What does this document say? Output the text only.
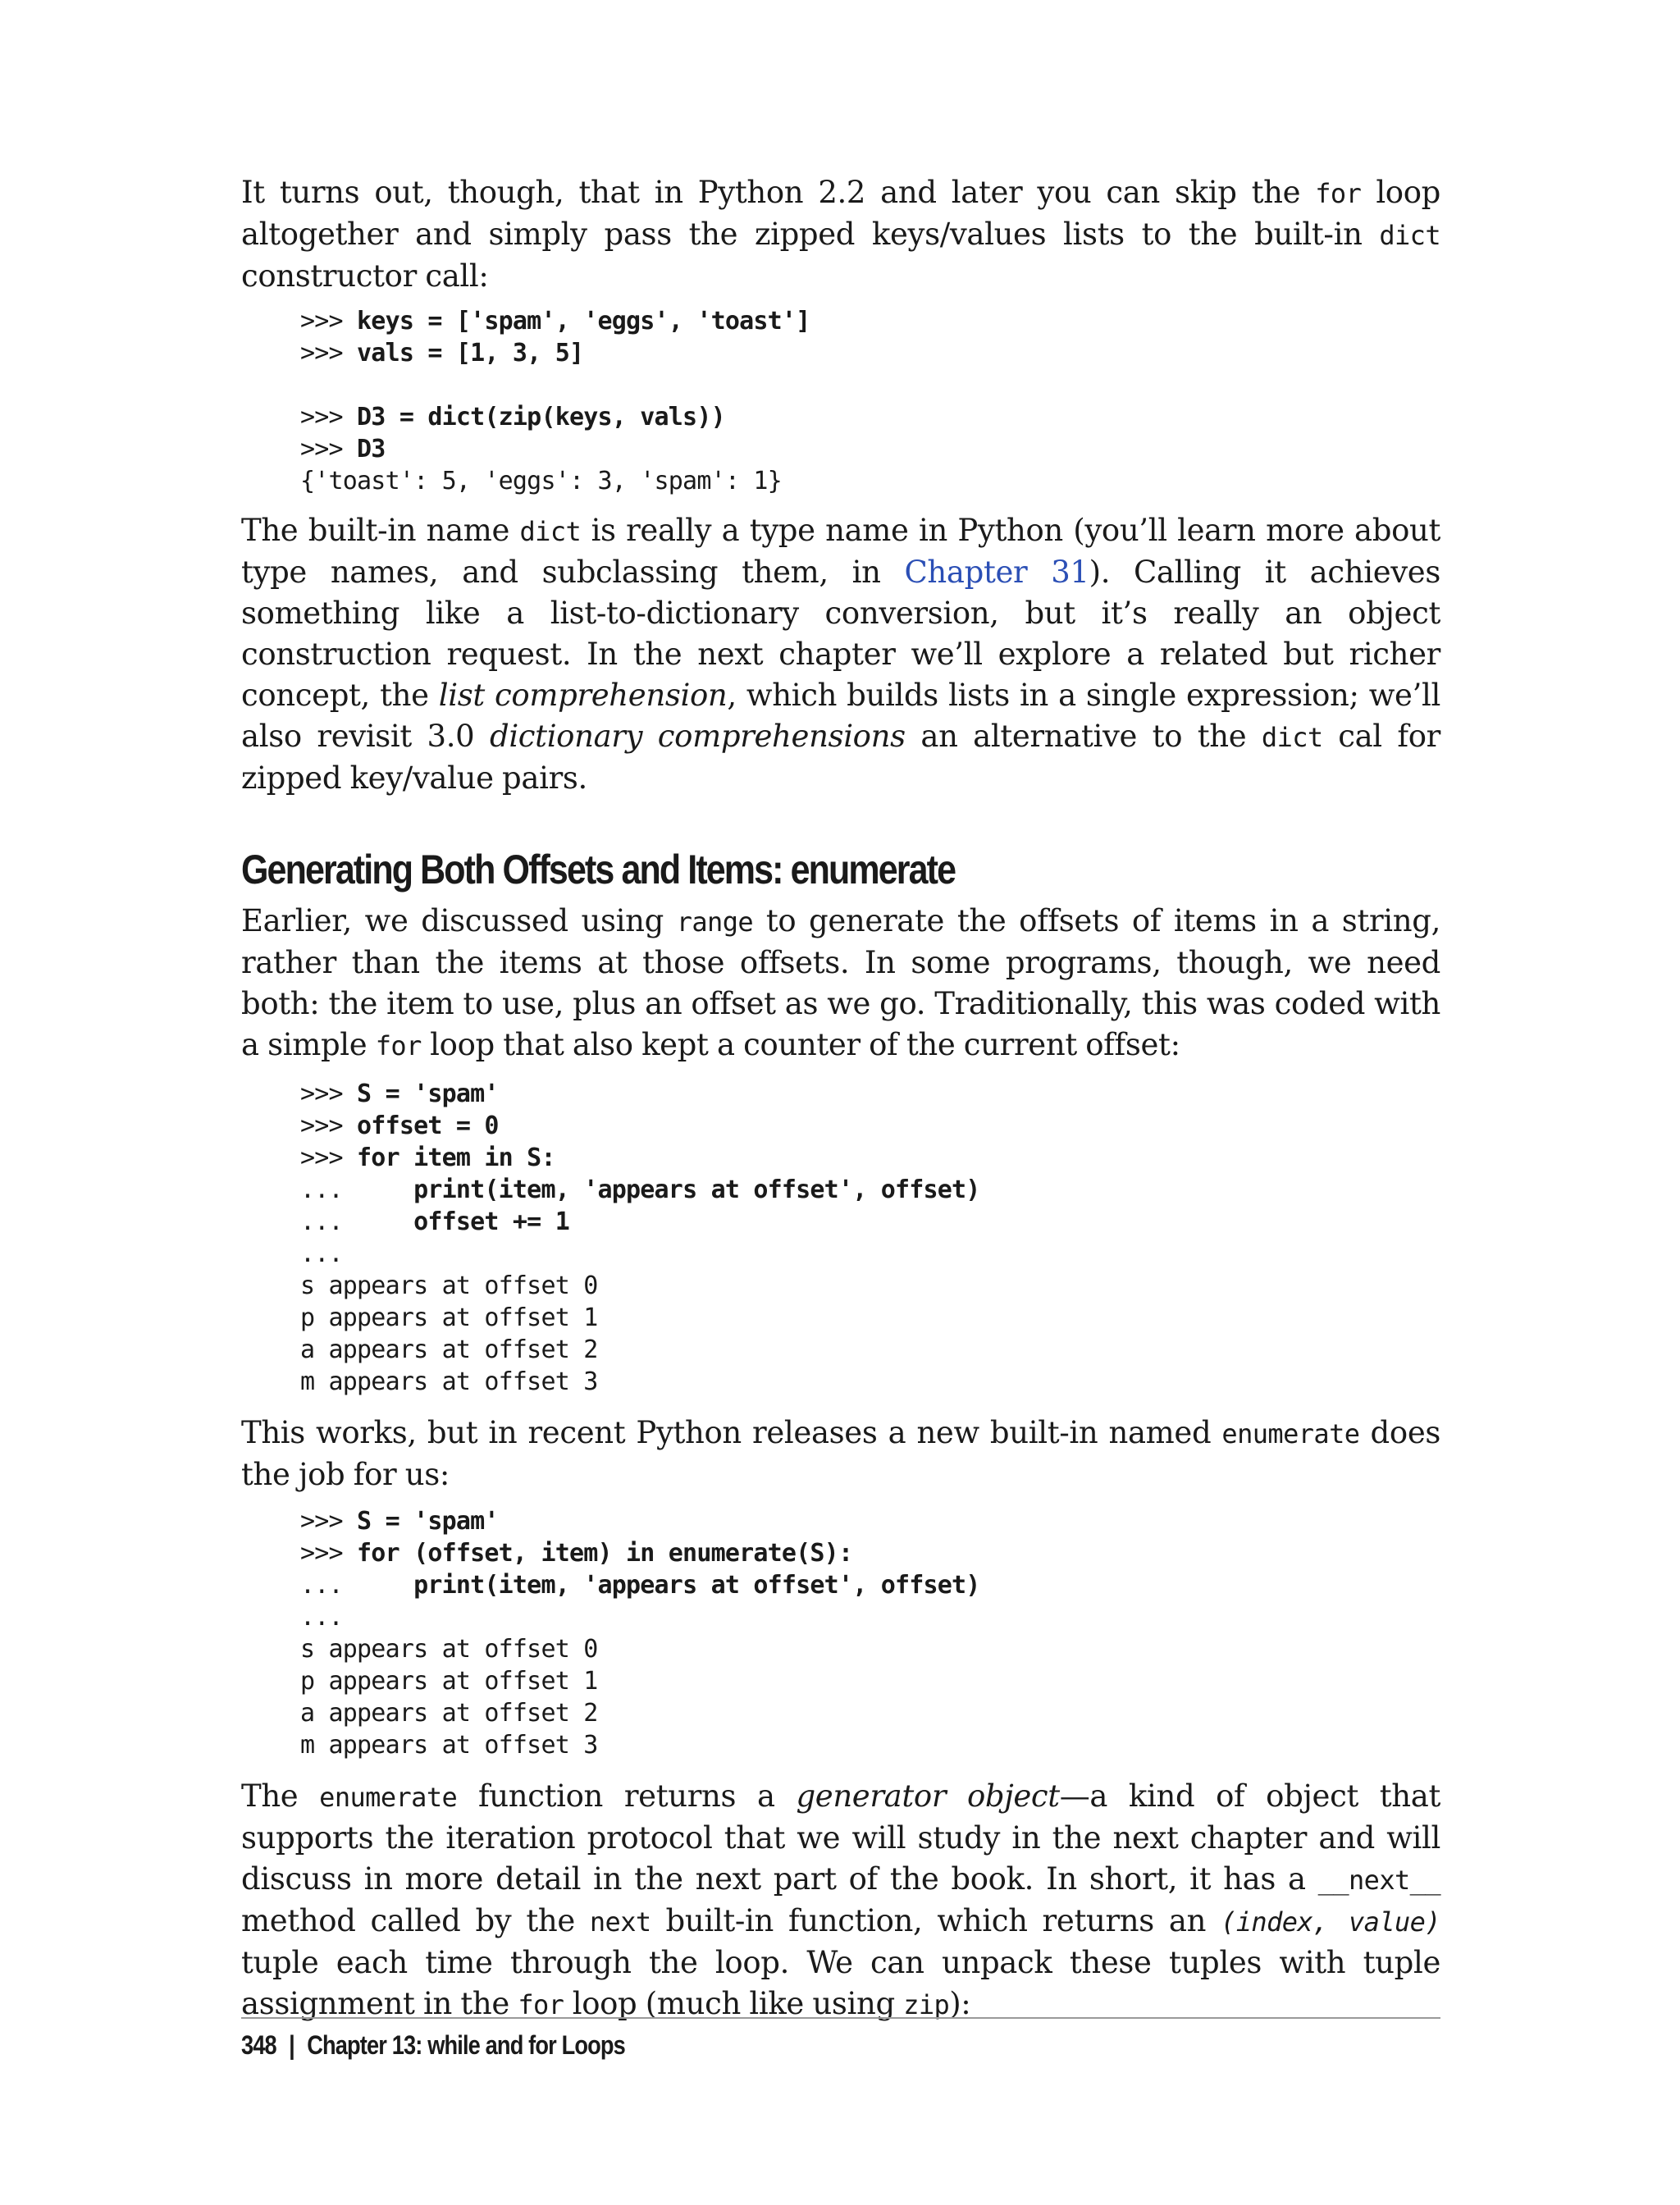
It turns out, though, that in Python 2.2 and later you can skip the for loop altogether and simply pass the zipped keys/values lists to the built-in dict constructor call:

>>> keys = ['spam', 'eggs', 'toast']
>>> vals = [1, 3, 5]

>>> D3 = dict(zip(keys, vals))
>>> D3
{'toast': 5, 'eggs': 3, 'spam': 1}

The built-in name dict is really a type name in Python (you’ll learn more about type names, and subclassing them, in Chapter 31). Calling it achieves something like a list-to-dictionary conversion, but it’s really an object construction request. In the next chapter we’ll explore a related but richer concept, the list comprehension, which builds lists in a single expression; we’ll also revisit 3.0 dictionary comprehensions an alternative to the dict cal for zipped key/value pairs.

Generating Both Offsets and Items: enumerate

Earlier, we discussed using range to generate the offsets of items in a string, rather than the items at those offsets. In some programs, though, we need both: the item to use, plus an offset as we go. Traditionally, this was coded with a simple for loop that also kept a counter of the current offset:

>>> S = 'spam'
>>> offset = 0
>>> for item in S:
...     print(item, 'appears at offset', offset)
...     offset += 1
...
s appears at offset 0
p appears at offset 1
a appears at offset 2
m appears at offset 3

This works, but in recent Python releases a new built-in named enumerate does the job for us:

>>> S = 'spam'
>>> for (offset, item) in enumerate(S):
...     print(item, 'appears at offset', offset)
...
s appears at offset 0
p appears at offset 1
a appears at offset 2
m appears at offset 3

The enumerate function returns a generator object—a kind of object that supports the iteration protocol that we will study in the next chapter and will discuss in more detail in the next part of the book. In short, it has a __next__ method called by the next built-in function, which returns an (index, value) tuple each time through the loop. We can unpack these tuples with tuple assignment in the for loop (much like using zip):

348 | Chapter 13: while and for Loops
